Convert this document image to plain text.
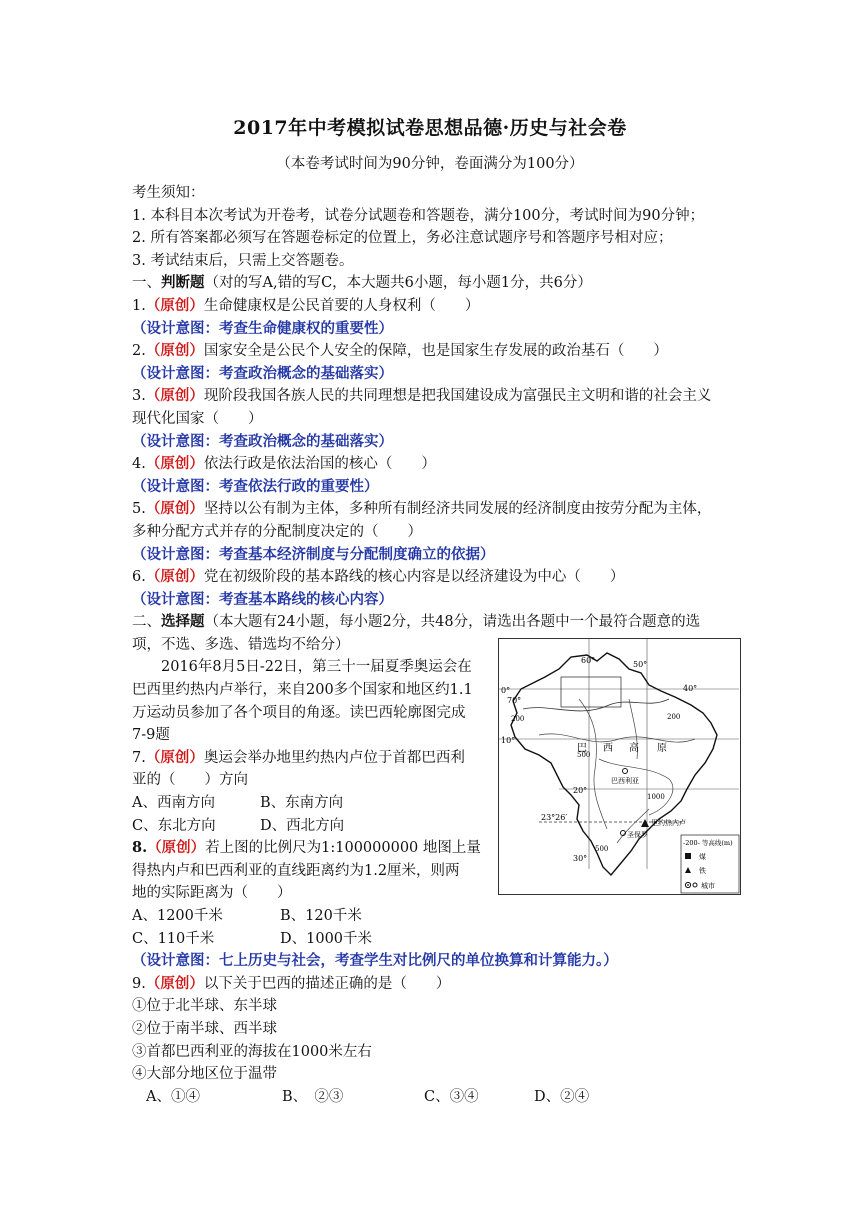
2017年中考模拟试卷思想品德·历史与社会卷
（本卷考试时间为90分钟，卷面满分为100分）
考生须知：
1. 本科目本次考试为开卷考，试卷分试题卷和答题卷，满分100分，考试时间为90分钟；
2. 所有答案都必须写在答题卷标定的位置上，务必注意试题序号和答题序号相对应；
3. 考试结束后，只需上交答题卷。
一、判断题（对的写A,错的写C，本大题共6小题，每小题1分，共6分）
1.（原创）生命健康权是公民首要的人身权利（　　）
（设计意图：考查生命健康权的重要性）
2.（原创）国家安全是公民个人安全的保障，也是国家生存发展的政治基石（　　）
（设计意图：考查政治概念的基础落实）
3.（原创）现阶段我国各族人民的共同理想是把我国建设成为富强民主文明和谐的社会主义
现代化国家（　　）
（设计意图：考查政治概念的基础落实）
4.（原创）依法行政是依法治国的核心（　　）
（设计意图：考查依法行政的重要性）
5.（原创）坚持以公有制为主体，多种所有制经济共同发展的经济制度由按劳分配为主体，
多种分配方式并存的分配制度决定的（　　）
（设计意图：考查基本经济制度与分配制度确立的依据）
6.（原创）党在初级阶段的基本路线的核心内容是以经济建设为中心（　　）
（设计意图：考查基本路线的核心内容）
二、选择题（本大题有24小题，每小题2分，共48分，请选出各题中一个最符合题意的选
项，不选、多选、错选均不给分）
2016年8月5日-22日，第三十一届夏季奥运会在
巴西里约热内卢举行，来自200多个国家和地区约1.1
万运动员参加了各个项目的角逐。读巴西轮廓图完成
7-9题
7.（原创）奥运会举办地里约热内卢位于首都巴西利
亚的（　　）方向
A、西南方向	B、东南方向
C、东北方向	D、西北方向
8.（原创）若上图的比例尺为1:100000000 地图上量
得热内卢和巴西利亚的直线距离约为1.2厘米，则两
地的实际距离为（　　）
A、1200千米	B、120千米
C、110千米	D、1000千米
（设计意图：七上历史与社会，考查学生对比例尺的单位换算和计算能力。）
9.（原创）以下关于巴西的描述正确的是（　　）
①位于北半球、东半球
②位于南半球、西半球
③首都巴西利亚的海拔在1000米左右
④大部分地区位于温带
A、①④	B、　②③	C、③④	D、②④
0°
10°
20°
23°26′
30°
70°
60°	50°
40°
200	200
500
500
1000
巴 西 高 原
巴西利亚
里约热内卢
圣保罗
-200- 等高线(m)
煤
铁
城市
